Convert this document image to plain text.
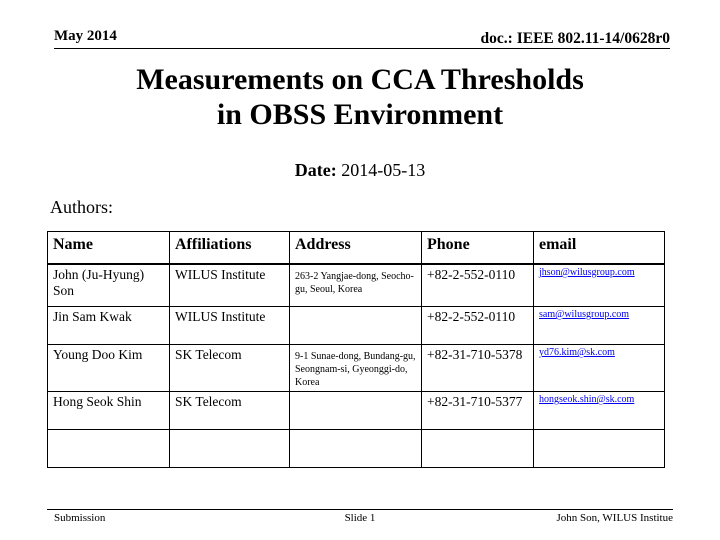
May 2014	doc.: IEEE 802.11-14/0628r0
Measurements on CCA Thresholds
in OBSS Environment
Date: 2014-05-13
Authors:
Name	Affiliations	Address	Phone	email
John (Ju-Hyung) Son	WILUS Institute	263-2 Yangjae-dong, Seocho-gu, Seoul, Korea	+82-2-552-0110	jhson@wilusgroup.com
Jin Sam Kwak	WILUS Institute		+82-2-552-0110	sam@wilusgroup.com
Young Doo Kim	SK Telecom	9-1 Sunae-dong, Bundang-gu, Seongnam-si, Gyeonggi-do, Korea	+82-31-710-5378	yd76.kim@sk.com
Hong Seok Shin	SK Telecom		+82-31-710-5377	hongseok.shin@sk.com

Submission	Slide 1	John Son, WILUS Institue
